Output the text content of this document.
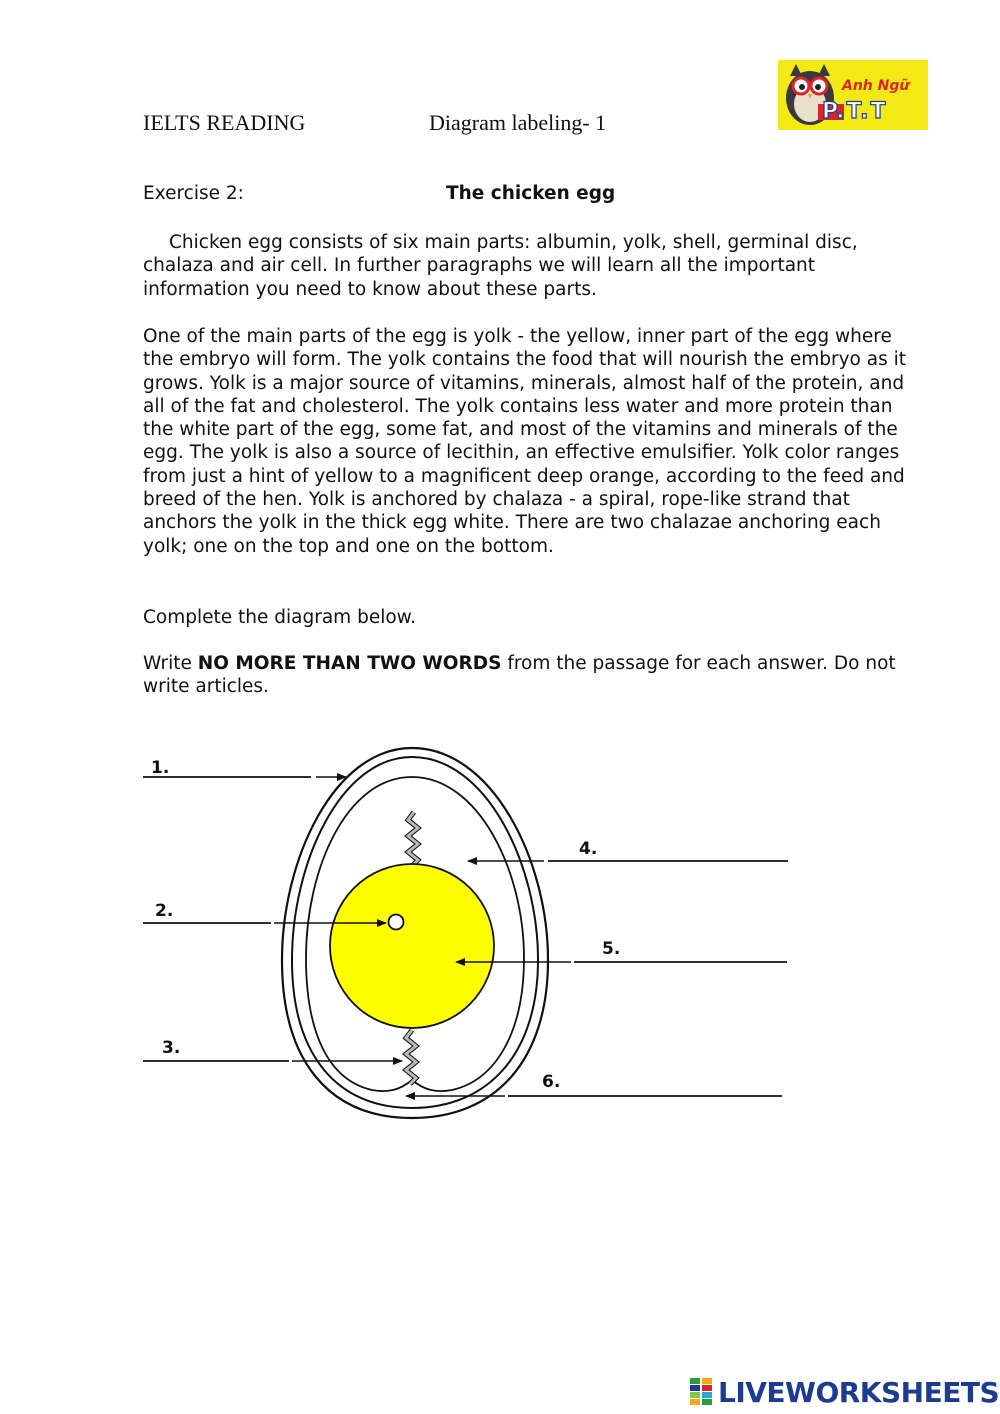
IELTS READING	Diagram labeling- 1
Anh Ngữ
P.T.T
Exercise 2:	The chicken egg
Chicken egg consists of six main parts: albumin, yolk, shell, germinal disc, chalaza and air cell. In further paragraphs we will learn all the important information you need to know about these parts.
One of the main parts of the egg is yolk - the yellow, inner part of the egg where the embryo will form. The yolk contains the food that will nourish the embryo as it grows. Yolk is a major source of vitamins, minerals, almost half of the protein, and all of the fat and cholesterol. The yolk contains less water and more protein than the white part of the egg, some fat, and most of the vitamins and minerals of the egg. The yolk is also a source of lecithin, an effective emulsifier. Yolk color ranges from just a hint of yellow to a magnificent deep orange, according to the feed and breed of the hen. Yolk is anchored by chalaza - a spiral, rope-like strand that anchors the yolk in the thick egg white. There are two chalazae anchoring each yolk; one on the top and one on the bottom.
Complete the diagram below.
Write NO MORE THAN TWO WORDS from the passage for each answer. Do not write articles.
1.
2.
3.
4.
5.
6.
LIVEWORKSHEETS
